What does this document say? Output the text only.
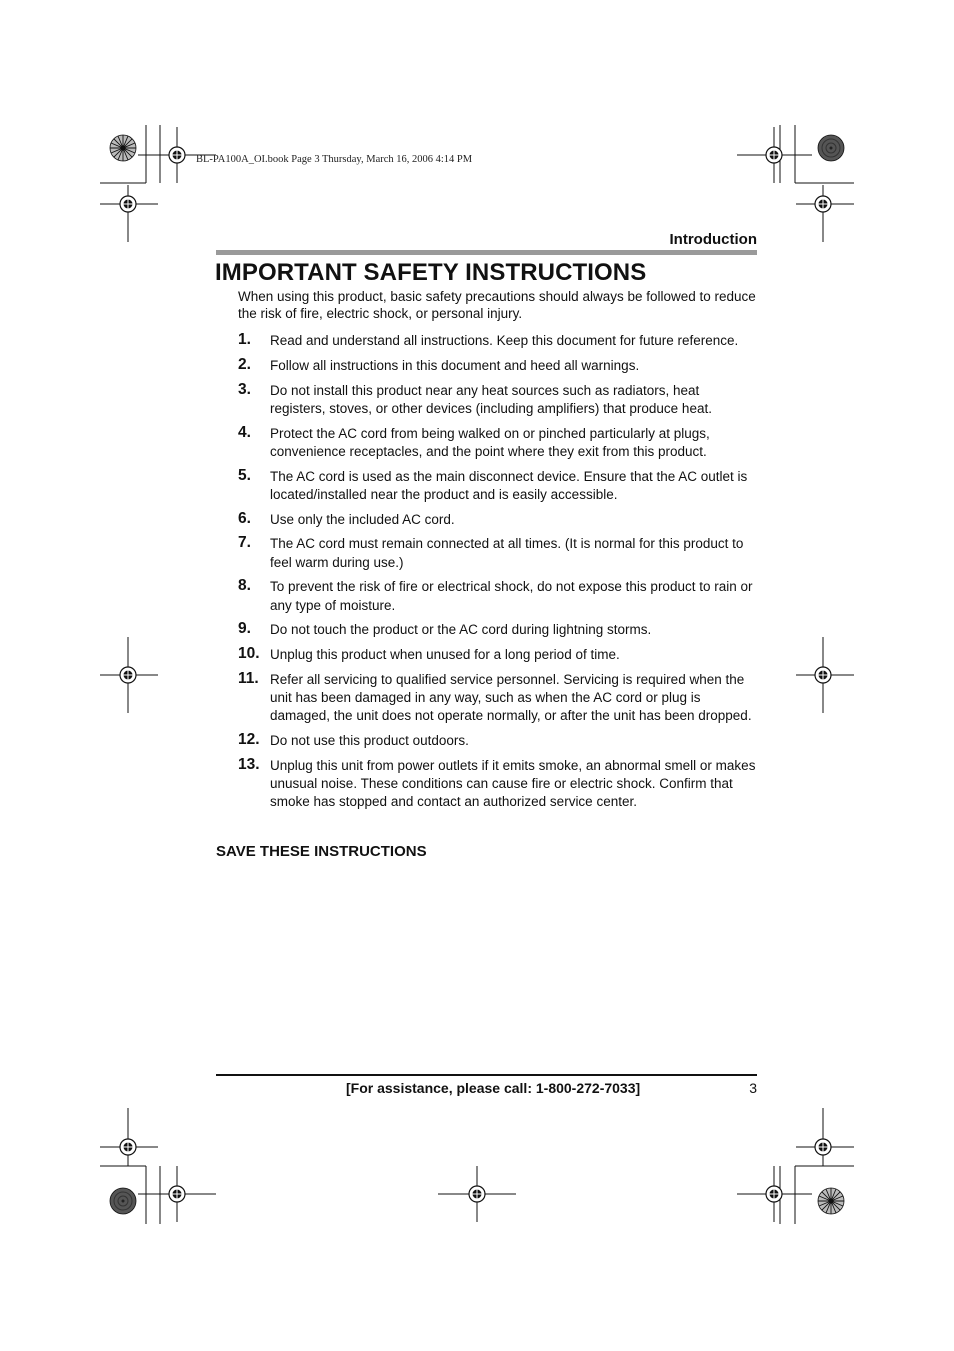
BL-PA100A_OI.book Page 3 Thursday, March 16, 2006 4:14 PM
Introduction
IMPORTANT SAFETY INSTRUCTIONS

When using this product, basic safety precautions should always be followed to reduce the risk of fire, electric shock, or personal injury.

1.	Read and understand all instructions. Keep this document for future reference.
2.	Follow all instructions in this document and heed all warnings.
3.	Do not install this product near any heat sources such as radiators, heat registers, stoves, or other devices (including amplifiers) that produce heat.
4.	Protect the AC cord from being walked on or pinched particularly at plugs, convenience receptacles, and the point where they exit from this product.
5.	The AC cord is used as the main disconnect device. Ensure that the AC outlet is located/installed near the product and is easily accessible.
6.	Use only the included AC cord.
7.	The AC cord must remain connected at all times. (It is normal for this product to feel warm during use.)
8.	To prevent the risk of fire or electrical shock, do not expose this product to rain or any type of moisture.
9.	Do not touch the product or the AC cord during lightning storms.
10. Unplug this product when unused for a long period of time.
11. Refer all servicing to qualified service personnel. Servicing is required when the unit has been damaged in any way, such as when the AC cord or plug is damaged, the unit does not operate normally, or after the unit has been dropped.
12. Do not use this product outdoors.
13. Unplug this unit from power outlets if it emits smoke, an abnormal smell or makes unusual noise. These conditions can cause fire or electric shock. Confirm that smoke has stopped and contact an authorized service center.
SAVE THESE INSTRUCTIONS
[For assistance, please call: 1-800-272-7033]	3
